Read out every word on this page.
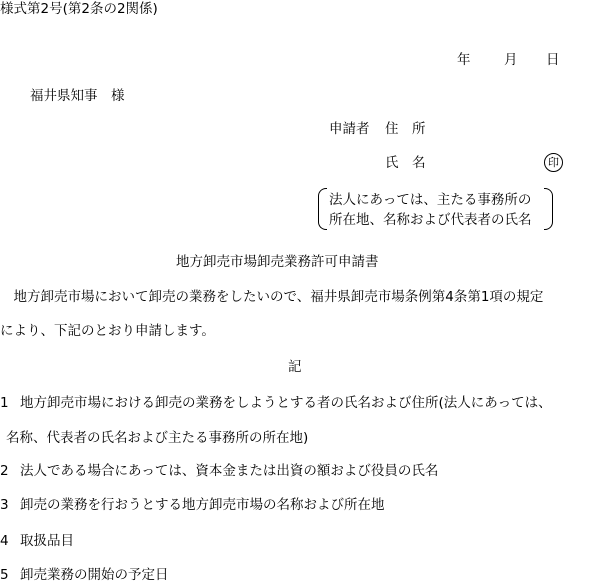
様式第2号(第2条の2関係)
年 月 日
福井県知事　様
申請者 住　所
氏　名	印
法人にあっては、主たる事務所の
所在地、名称および代表者の氏名
地方卸売市場卸売業務許可申請書
　地方卸売市場において卸売の業務をしたいので、福井県卸売市場条例第4条第1項の規定
により、下記のとおり申請します。
記
1 地方卸売市場における卸売の業務をしようとする者の氏名および住所(法人にあっては、
名称、代表者の氏名および主たる事務所の所在地)
2 法人である場合にあっては、資本金または出資の額および役員の氏名
3 卸売の業務を行おうとする地方卸売市場の名称および所在地
4 取扱品目
5 卸売業務の開始の予定日
